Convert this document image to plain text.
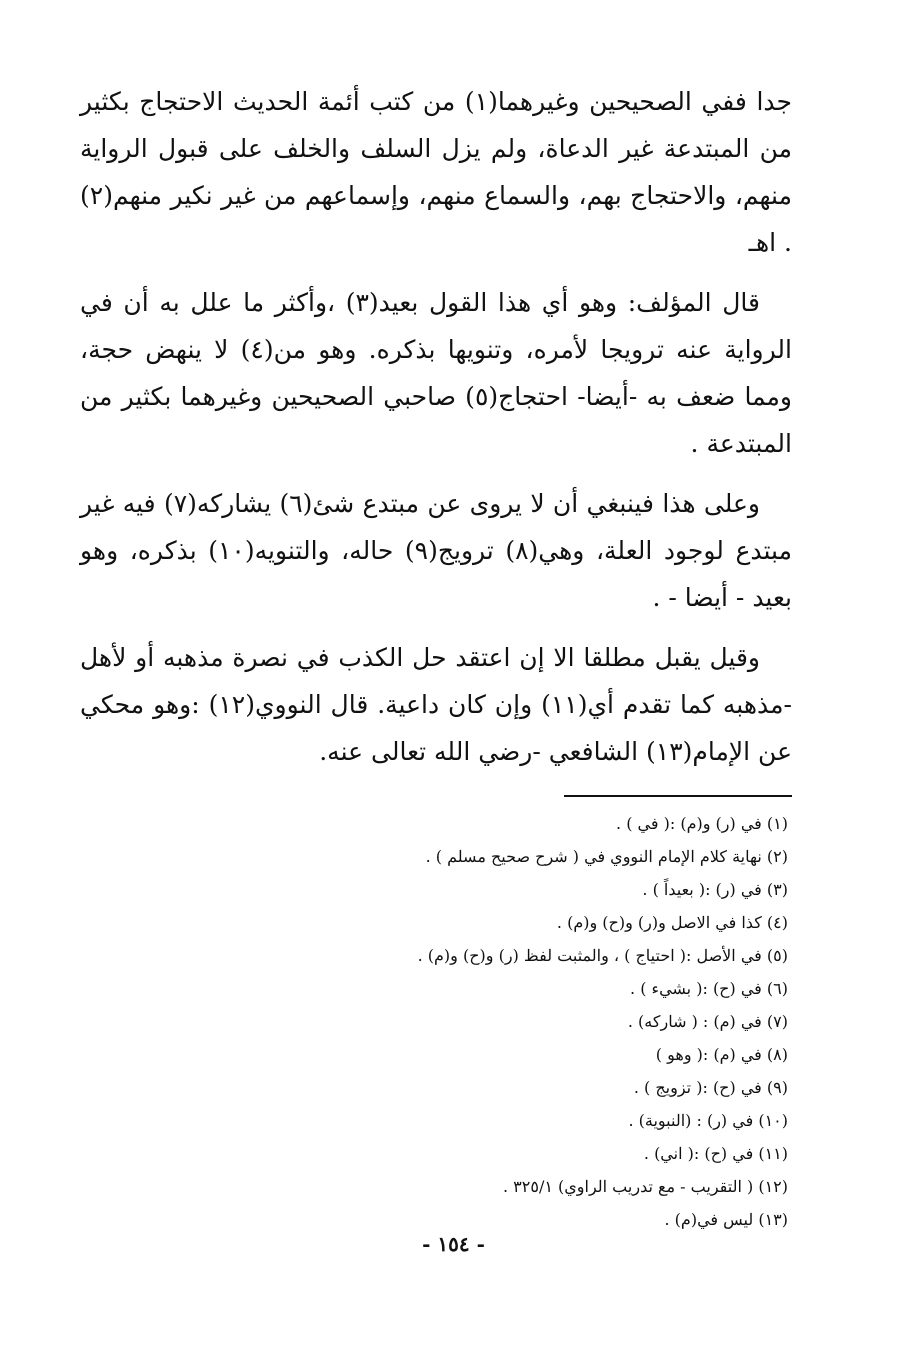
جدا ففي الصحيحين وغيرهما(١) من كتب أئمة الحديث الاحتجاج بكثير من المبتدعة غير الدعاة، ولم يزل السلف والخلف على قبول الرواية منهم، والاحتجاج بهم، والسماع منهم، وإسماعهم من غير نكير منهم(٢) . اهـ

قال المؤلف: وهو أي هذا القول بعيد(٣) ،وأكثر ما علل به أن في الرواية عنه ترويجا لأمره، وتنويها بذكره. وهو من(٤) لا ينهض حجة، ومما ضعف به -أيضا- احتجاج(٥) صاحبي الصحيحين وغيرهما بكثير من المبتدعة .

وعلى هذا فينبغي أن لا يروى عن مبتدع شئ(٦) يشاركه(٧) فيه غير مبتدع لوجود العلة، وهي(٨) ترويج(٩) حاله، والتنويه(١٠) بذكره، وهو بعيد - أيضا - .

وقيل يقبل مطلقا الا إن اعتقد حل الكذب في نصرة مذهبه أو لأهل -مذهبه كما تقدم أي(١١) وإن كان داعية. قال النووي(١٢) :وهو محكي عن الإمام(١٣) الشافعي -رضي الله تعالى عنه.

(١) في (ر) و(م) :( في ) .
(٢) نهاية كلام الإمام النووي في ( شرح صحيح مسلم ) .
(٣) في (ر) :( بعيداً ) .
(٤) كذا في الاصل و(ر) و(ح) و(م) .
(٥) في الأصل :( احتياج ) ، والمثبت لفظ (ر) و(ح) و(م) .
(٦) في (ح) :( بشيء ) .
(٧) في (م) : ( شاركه) .
(٨) في (م) :( وهو )
(٩) في (ح) :( تزويج ) .
(١٠) في (ر) : (النبوية) .
(١١) في (ح) :( اني) .
(١٢) ( التقريب - مع تدريب الراوي) ٣٢٥/١ .
(١٣) ليس في(م) .
- ١٥٤ -
